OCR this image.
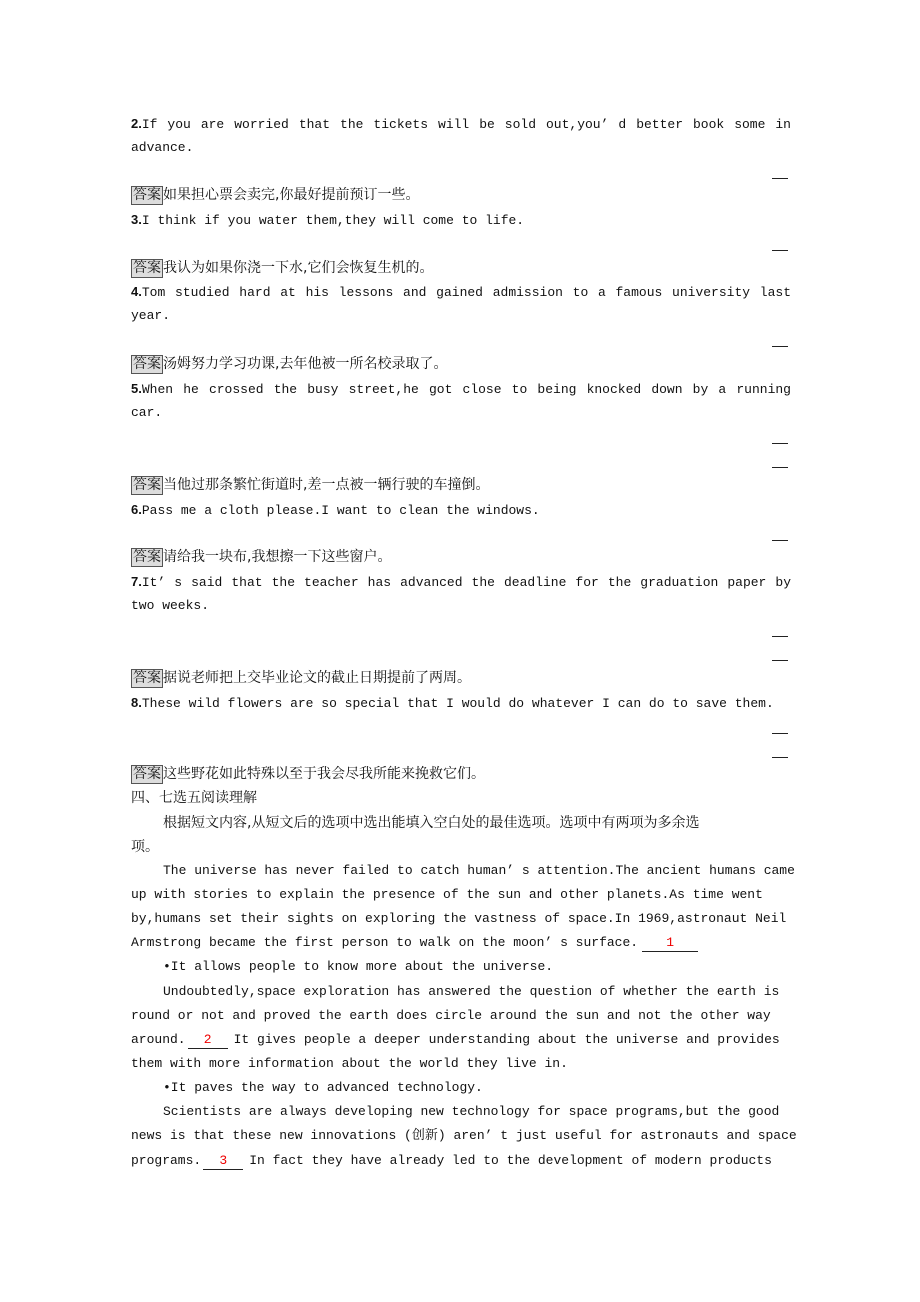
2.If you are worried that the tickets will be sold out,you’ d better book some in
advance.
答案 如果担心票会卖完,你最好提前预订一些。
3.I think if you water them,they will come to life.
答案 我认为如果你浇一下水,它们会恢复生机的。
4.Tom studied hard at his lessons and gained admission to a famous university last
year.
答案 汤姆努力学习功课,去年他被一所名校录取了。
5.When he crossed the busy street,he got close to being knocked down by a running
car.
答案 当他过那条繁忙街道时,差一点被一辆行驶的车撞倒。
6.Pass me a cloth please.I want to clean the windows.
答案 请给我一块布,我想擦一下这些窗户。
7.It’ s said that the teacher has advanced the deadline for the graduation paper by
two weeks.
答案 据说老师把上交毕业论文的截止日期提前了两周。
8.These wild flowers are so special that I would do whatever I can do to save them.
答案 这些野花如此特殊以至于我会尽我所能来挽救它们。
四、七选五阅读理解
根据短文内容,从短文后的选项中选出能填入空白处的最佳选项。选项中有两项为多余选
项。
The universe has never failed to catch human’ s attention.The ancient humans came
up with stories to explain the presence of the sun and other planets.As time went
by,humans set their sights on exploring the vastness of space.In 1969,astronaut Neil
Armstrong became the first person to walk on the moon’ s surface. 1
•It allows people to know more about the universe.
Undoubtedly,space exploration has answered the question of whether the earth is
round or not and proved the earth does circle around the sun and not the other way
around. 2 It gives people a deeper understanding about the universe and provides
them with more information about the world they live in.
•It paves the way to advanced technology.
Scientists are always developing new technology for space programs,but the good
news is that these new innovations (创新) aren’ t just useful for astronauts and space
programs. 3 In fact they have already led to the development of modern products
